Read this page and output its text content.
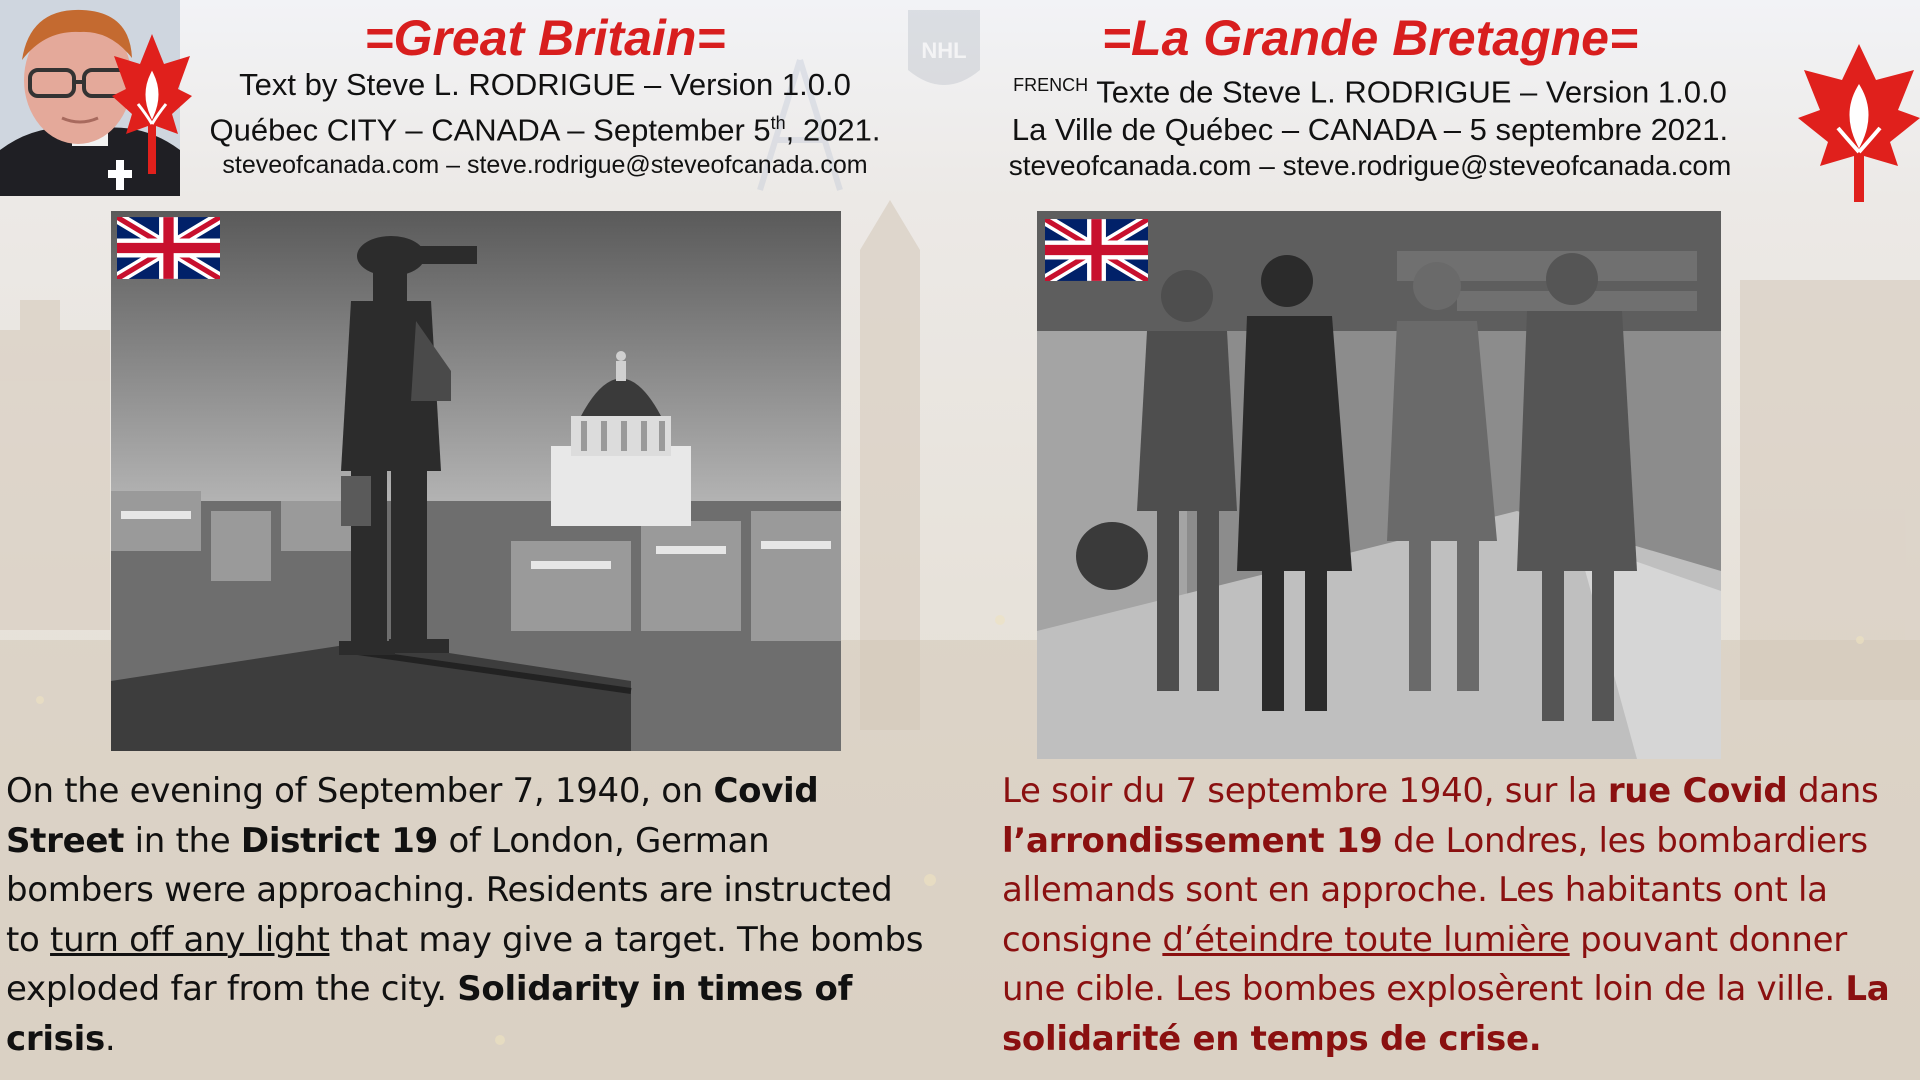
NHL
=Great Britain=
Text by Steve L. RODRIGUE – Version 1.0.0
Québec CITY – CANADA – September 5th, 2021.
steveofcanada.com – steve.rodrigue@steveofcanada.com
=La Grande Bretagne=
$^{FRENCH}$ Texte de Steve L. RODRIGUE – Version 1.0.0
La Ville de Québec – CANADA – 5 septembre 2021.
steveofcanada.com – steve.rodrigue@steveofcanada.com
On the evening of September 7, 1940, on Covid Street in the District 19 of London, German bombers were approaching. Residents are instructed to turn off any light that may give a target. The bombs exploded far from the city. Solidarity in times of crisis.
Le soir du 7 septembre 1940, sur la rue Covid dans l’arrondissement 19 de Londres, les bombardiers allemands sont en approche. Les habitants ont la consigne d’éteindre toute lumière pouvant donner une cible. Les bombes explosèrent loin de la ville. La solidarité en temps de crise.
